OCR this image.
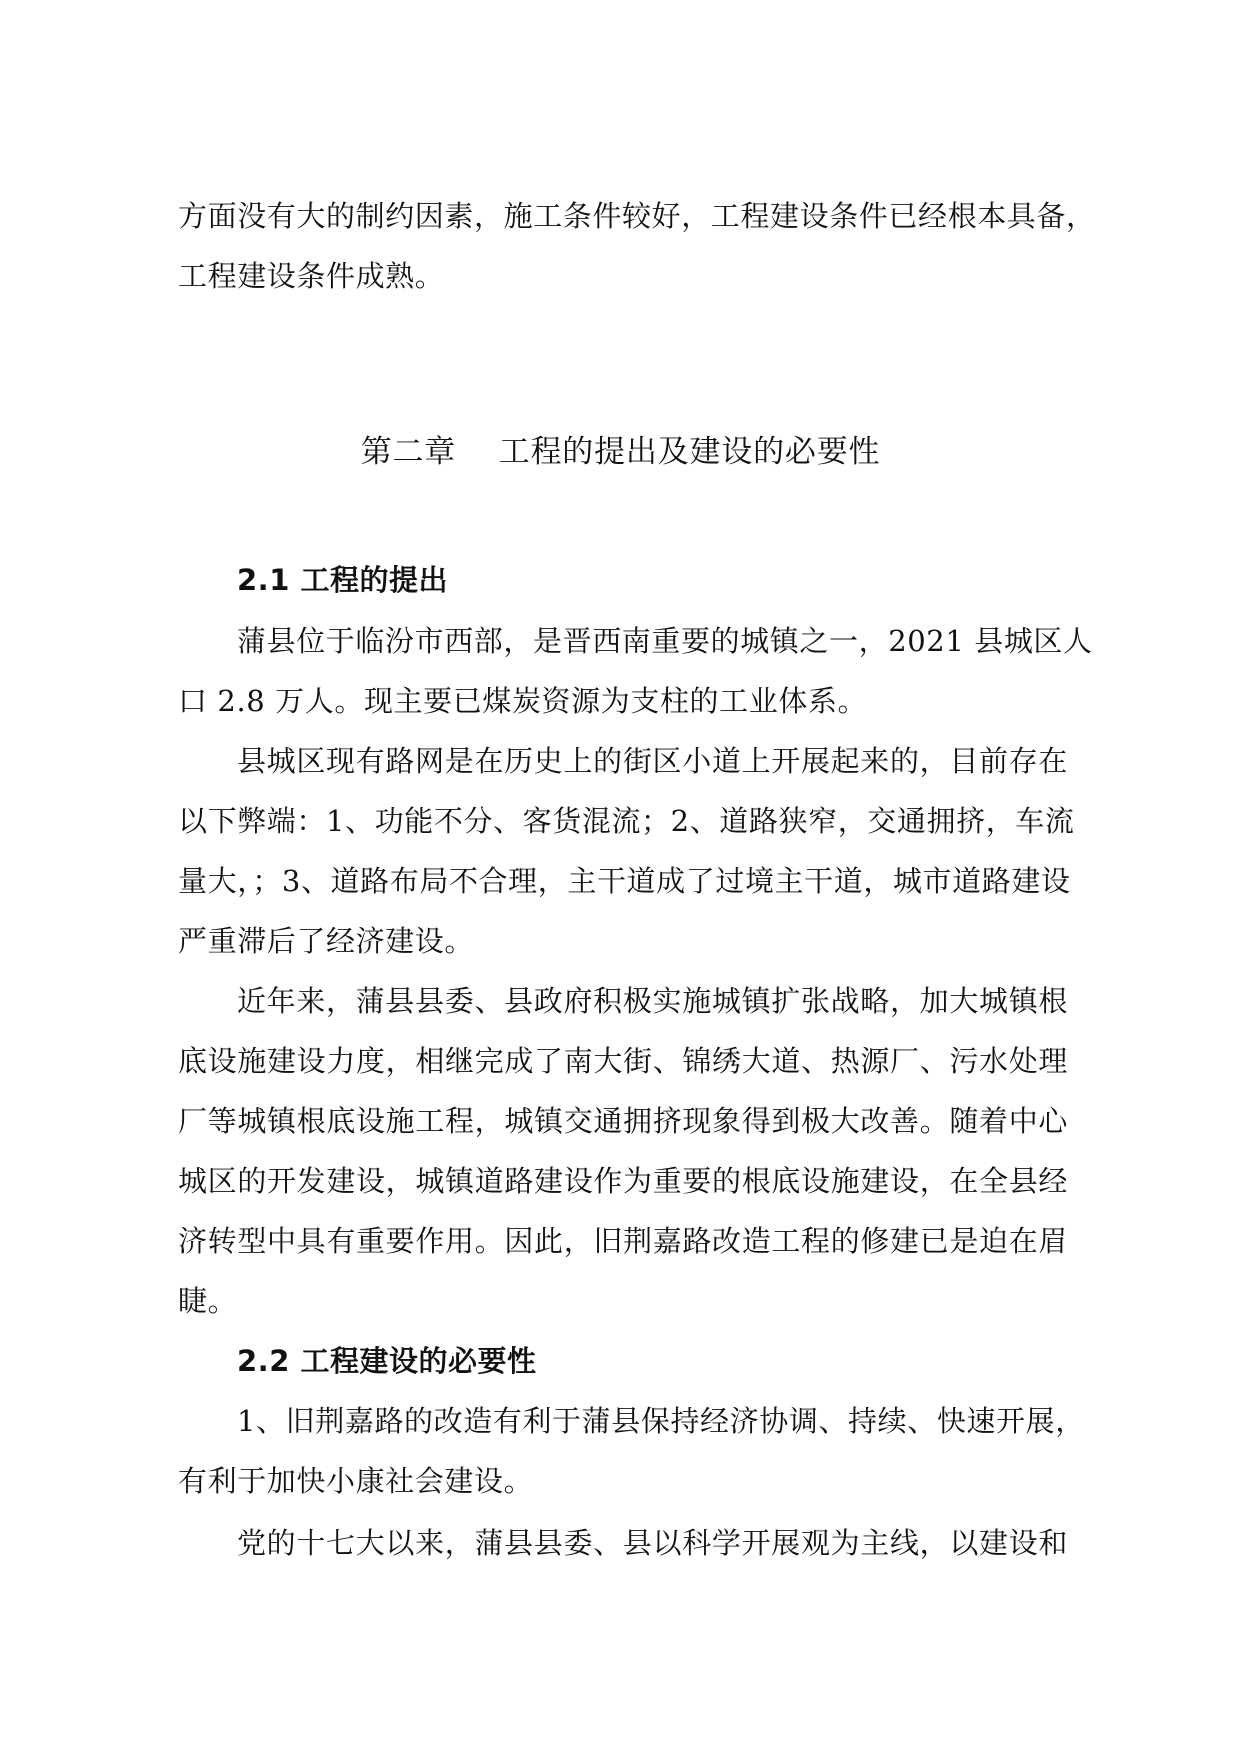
方面没有大的制约因素，施工条件较好，工程建设条件已经根本具备，
工程建设条件成熟。
第二章    工程的提出及建设的必要性
2.1 工程的提出
蒲县位于临汾市西部，是晋西南重要的城镇之一，2021 县城区人
口 2.8 万人。现主要已煤炭资源为支柱的工业体系。
县城区现有路网是在历史上的街区小道上开展起来的，目前存在
以下弊端：1、功能不分、客货混流；2、道路狭窄，交通拥挤，车流
量大，；3、道路布局不合理，主干道成了过境主干道，城市道路建设
严重滞后了经济建设。
近年来，蒲县县委、县政府积极实施城镇扩张战略，加大城镇根
底设施建设力度，相继完成了南大街、锦绣大道、热源厂、污水处理
厂等城镇根底设施工程，城镇交通拥挤现象得到极大改善。随着中心
城区的开发建设，城镇道路建设作为重要的根底设施建设，在全县经
济转型中具有重要作用。因此，旧荆嘉路改造工程的修建已是迫在眉
睫。
2.2 工程建设的必要性
1、旧荆嘉路的改造有利于蒲县保持经济协调、持续、快速开展，
有利于加快小康社会建设。
党的十七大以来，蒲县县委、县以科学开展观为主线，以建设和
